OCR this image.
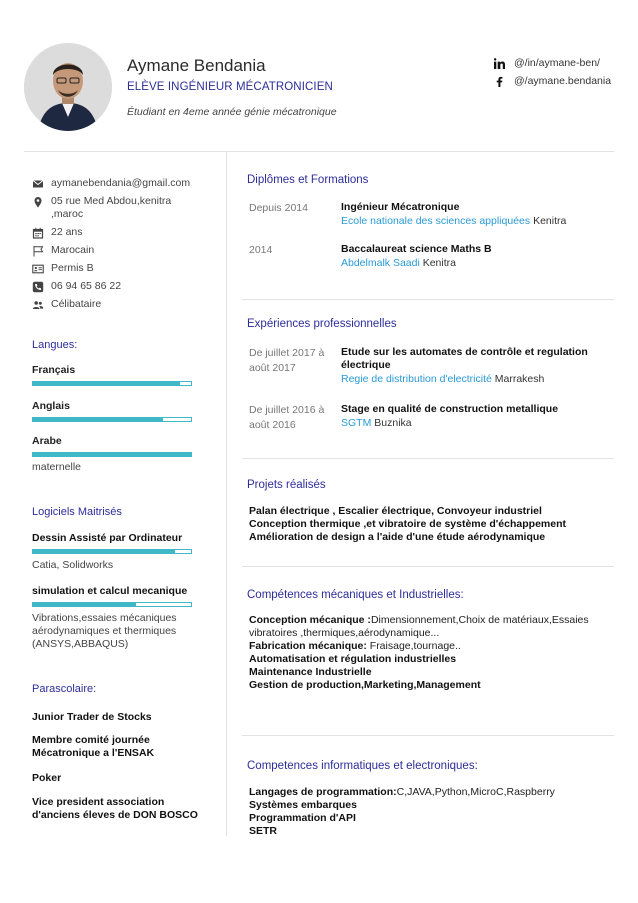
Aymane Bendania
ELÈVE INGÉNIEUR MÉCATRONICIEN
Étudiant en 4eme année génie mécatronique
@/in/aymane-ben/
@/aymane.bendania
aymanebendania@gmail.com
05 rue Med Abdou,kenitra ,maroc
22 ans
Marocain
Permis B
06 94 65 86 22
Célibataire
Langues:
Français
Anglais
Arabe
maternelle
Logiciels Maitrisés
Dessin Assisté par Ordinateur
Catia, Solidworks
simulation et calcul mecanique
Vibrations,essaies mécaniques aérodynamiques et thermiques (ANSYS,ABBAQUS)
Parascolaire:
Junior Trader de Stocks
Membre comité journée Mécatronique a l'ENSAK
Poker
Vice president association d'anciens éleves de DON BOSCO
Diplômes et Formations
Depuis 2014	Ingénieur Mécatronique
Ecole nationale des sciences appliquées Kenitra
2014	Baccalaureat science Maths B
Abdelmalk Saadi Kenitra
Expériences professionnelles
De juillet 2017 à août 2017
Etude sur les automates de contrôle et regulation électrique
Regie de distribution d'electricité Marrakesh
De juillet 2016 à août 2016
Stage en qualité de construction metallique
SGTM Buznika
Projets réalisés
Palan électrique , Escalier électrique, Convoyeur industriel
Conception thermique ,et vibratoire de système d'échappement
Amélioration de design a l'aide d'une étude aérodynamique
Compétences mécaniques et Industrielles:
Conception mécanique :Dimensionnement,Choix de matériaux,Essaies vibratoires ,thermiques,aérodynamique...
Fabrication mécanique: Fraisage,tournage..
Automatisation et régulation industrielles
Maintenance Industrielle
Gestion de production,Marketing,Management
Competences informatiques et electroniques:
Langages de programmation:C,JAVA,Python,MicroC,Raspberry
Systèmes embarques
Programmation d'API
SETR
